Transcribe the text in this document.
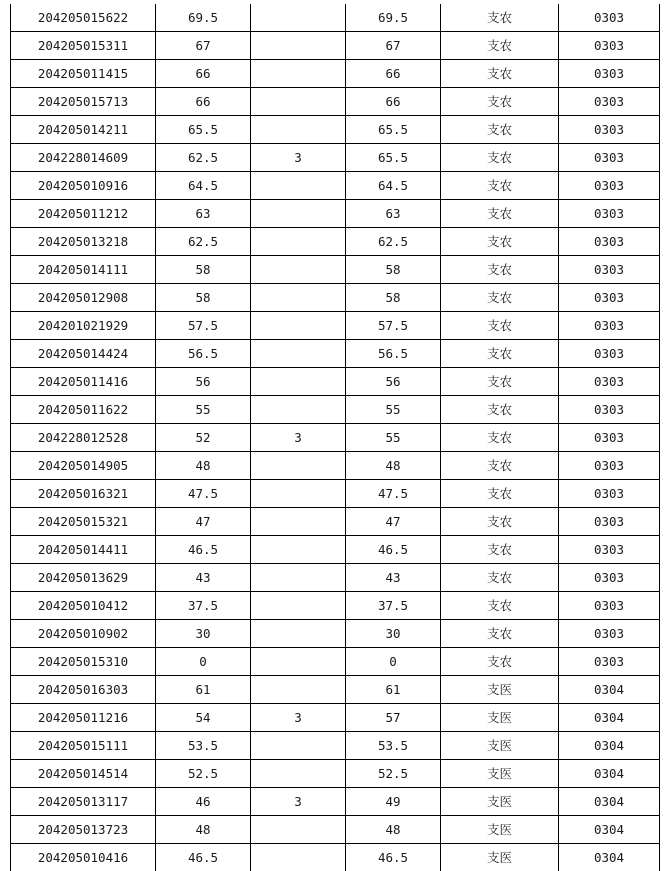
204205015622	69.5		69.5	支农	0303
204205015311	67		67	支农	0303
204205011415	66		66	支农	0303
204205015713	66		66	支农	0303
204205014211	65.5		65.5	支农	0303
204228014609	62.5	3	65.5	支农	0303
204205010916	64.5		64.5	支农	0303
204205011212	63		63	支农	0303
204205013218	62.5		62.5	支农	0303
204205014111	58		58	支农	0303
204205012908	58		58	支农	0303
204201021929	57.5		57.5	支农	0303
204205014424	56.5		56.5	支农	0303
204205011416	56		56	支农	0303
204205011622	55		55	支农	0303
204228012528	52	3	55	支农	0303
204205014905	48		48	支农	0303
204205016321	47.5		47.5	支农	0303
204205015321	47		47	支农	0303
204205014411	46.5		46.5	支农	0303
204205013629	43		43	支农	0303
204205010412	37.5		37.5	支农	0303
204205010902	30		30	支农	0303
204205015310	0		0	支农	0303
204205016303	61		61	支医	0304
204205011216	54	3	57	支医	0304
204205015111	53.5		53.5	支医	0304
204205014514	52.5		52.5	支医	0304
204205013117	46	3	49	支医	0304
204205013723	48		48	支医	0304
204205010416	46.5		46.5	支医	0304
